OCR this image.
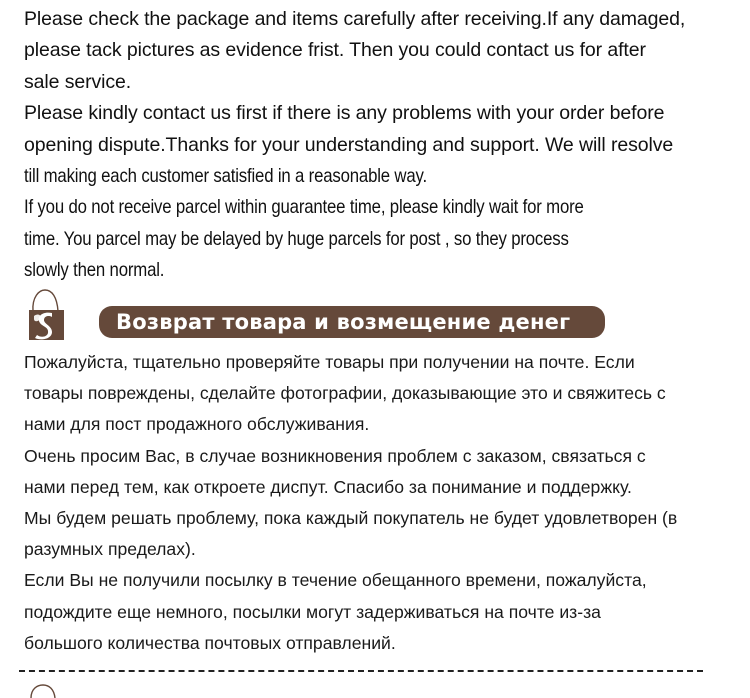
Please check the package and items carefully after receiving.If any damaged,
please tack pictures as evidence frist. Then you could contact us for after
sale service.
Please kindly contact us first if there is any problems with your order before
opening dispute.Thanks for your understanding and support. We will resolve
till making each customer satisfied in a reasonable way.
If you do not receive parcel within guarantee time, please kindly wait for more
time. You parcel may be delayed by huge parcels for post , so they process
slowly then normal.
Возврат товара и возмещение денег
Пожалуйста, тщательно проверяйте товары при получении на почте. Если
товары повреждены, сделайте фотографии, доказывающие это и свяжитесь с
нами для пост продажного обслуживания.
Очень просим Вас, в случае возникновения проблем с заказом, связаться с
нами перед тем, как откроете диспут. Спасибо за понимание и поддержку.
Мы будем решать проблему, пока каждый покупатель не будет удовлетворен (в
разумных пределах).
Если Вы не получили посылку в течение обещанного времени, пожалуйста,
подождите еще немного, посылки могут задерживаться на почте из-за
большого количества почтовых отправлений.
